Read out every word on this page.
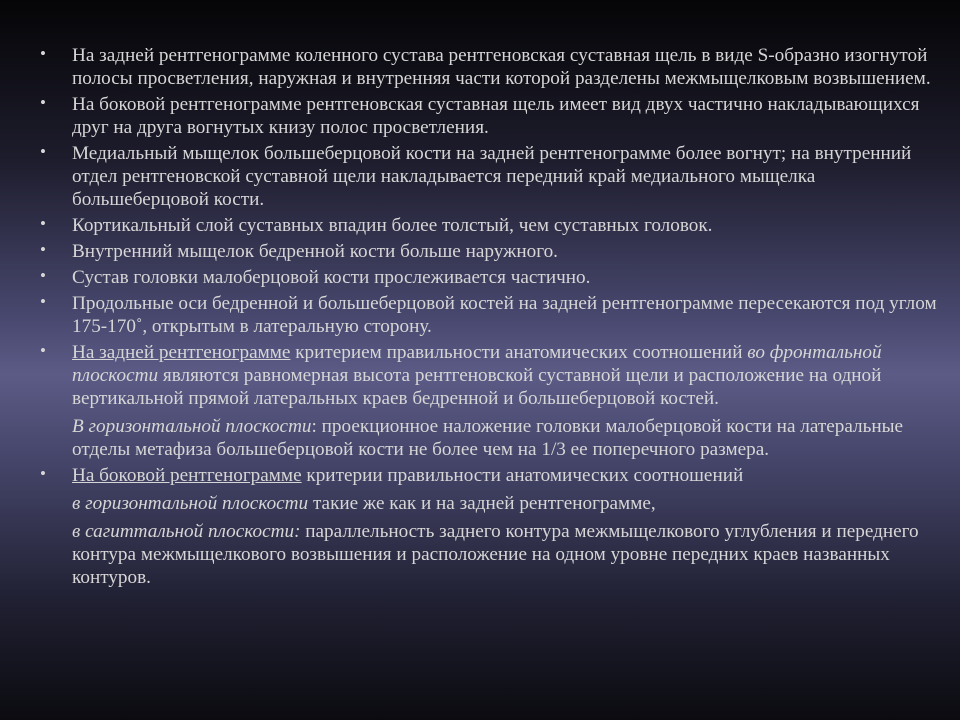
• На задней рентгенограмме коленного сустава рентгеновская суставная щель в виде S-образно изогнутой полосы просветления, наружная и внутренняя части которой разделены межмыщелковым возвышением.
• На боковой рентгенограмме рентгеновская суставная щель имеет вид двух частично накладывающихся друг на друга вогнутых книзу полос просветления.
• Медиальный мыщелок большеберцовой кости на задней рентгенограмме более вогнут; на внутренний отдел рентгеновской суставной щели накладывается передний край медиального мыщелка большеберцовой кости.
• Кортикальный слой суставных впадин более толстый, чем суставных головок.
• Внутренний мыщелок бедренной кости больше наружного.
• Сустав головки малоберцовой кости прослеживается частично.
• Продольные оси бедренной и большеберцовой костей на задней рентгенограмме пересекаются под углом 175-170˚, открытым в латеральную сторону.
• На задней рентгенограмме критерием правильности анатомических соотношений во фронтальной плоскости являются равномерная высота рентгеновской суставной щели и расположение на одной вертикальной прямой латеральных краев бедренной и большеберцовой костей.
В горизонтальной плоскости: проекционное наложение головки малоберцовой кости на латеральные отделы метафиза большеберцовой кости не более чем на 1/3 ее поперечного размера.
• На боковой рентгенограмме критерии правильности анатомических соотношений
в горизонтальной плоскости такие же как и на задней рентгенограмме,
в сагиттальной плоскости: параллельность заднего контура межмыщелкового углубления и переднего контура межмыщелкового возвышения и расположение на одном уровне передних краев названных контуров.
